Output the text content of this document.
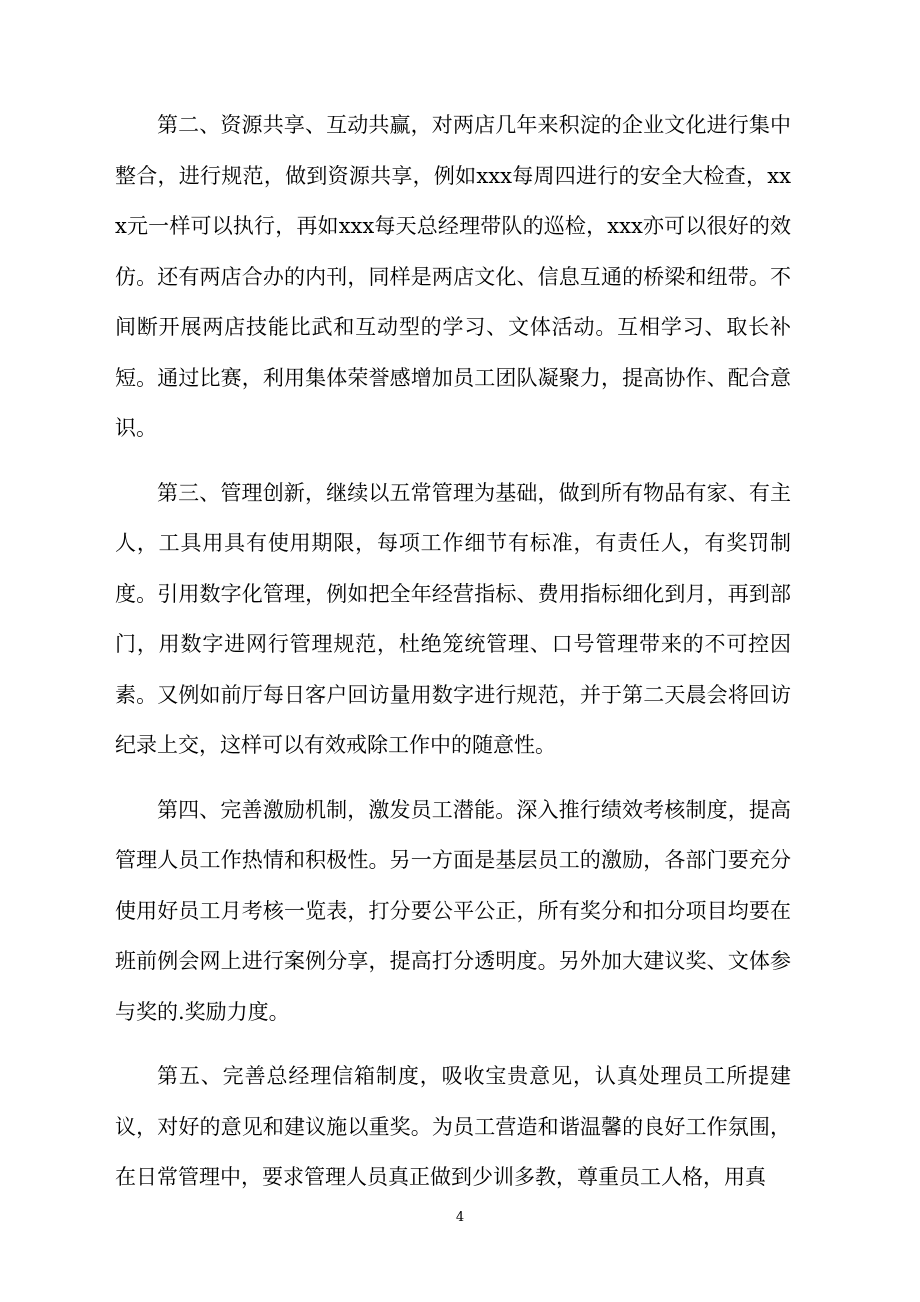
第二、资源共享、互动共赢，对两店几年来积淀的企业文化进行集中整合，进行规范，做到资源共享，例如xxx每周四进行的安全大检查，xxx元一样可以执行，再如xxx每天总经理带队的巡检，xxx亦可以很好的效仿。还有两店合办的内刊，同样是两店文化、信息互通的桥梁和纽带。不间断开展两店技能比武和互动型的学习、文体活动。互相学习、取长补短。通过比赛，利用集体荣誉感增加员工团队凝聚力，提高协作、配合意识。

第三、管理创新，继续以五常管理为基础，做到所有物品有家、有主人，工具用具有使用期限，每项工作细节有标准，有责任人，有奖罚制度。引用数字化管理，例如把全年经营指标、费用指标细化到月，再到部门，用数字进网行管理规范，杜绝笼统管理、口号管理带来的不可控因素。又例如前厅每日客户回访量用数字进行规范，并于第二天晨会将回访纪录上交，这样可以有效戒除工作中的随意性。

第四、完善激励机制，激发员工潜能。深入推行绩效考核制度，提高管理人员工作热情和积极性。另一方面是基层员工的激励，各部门要充分使用好员工月考核一览表，打分要公平公正，所有奖分和扣分项目均要在班前例会网上进行案例分享，提高打分透明度。另外加大建议奖、文体参与奖的.奖励力度。

第五、完善总经理信箱制度，吸收宝贵意见，认真处理员工所提建议，对好的意见和建议施以重奖。为员工营造和谐温馨的良好工作氛围，在日常管理中，要求管理人员真正做到少训多教，尊重员工人格，用真

4
